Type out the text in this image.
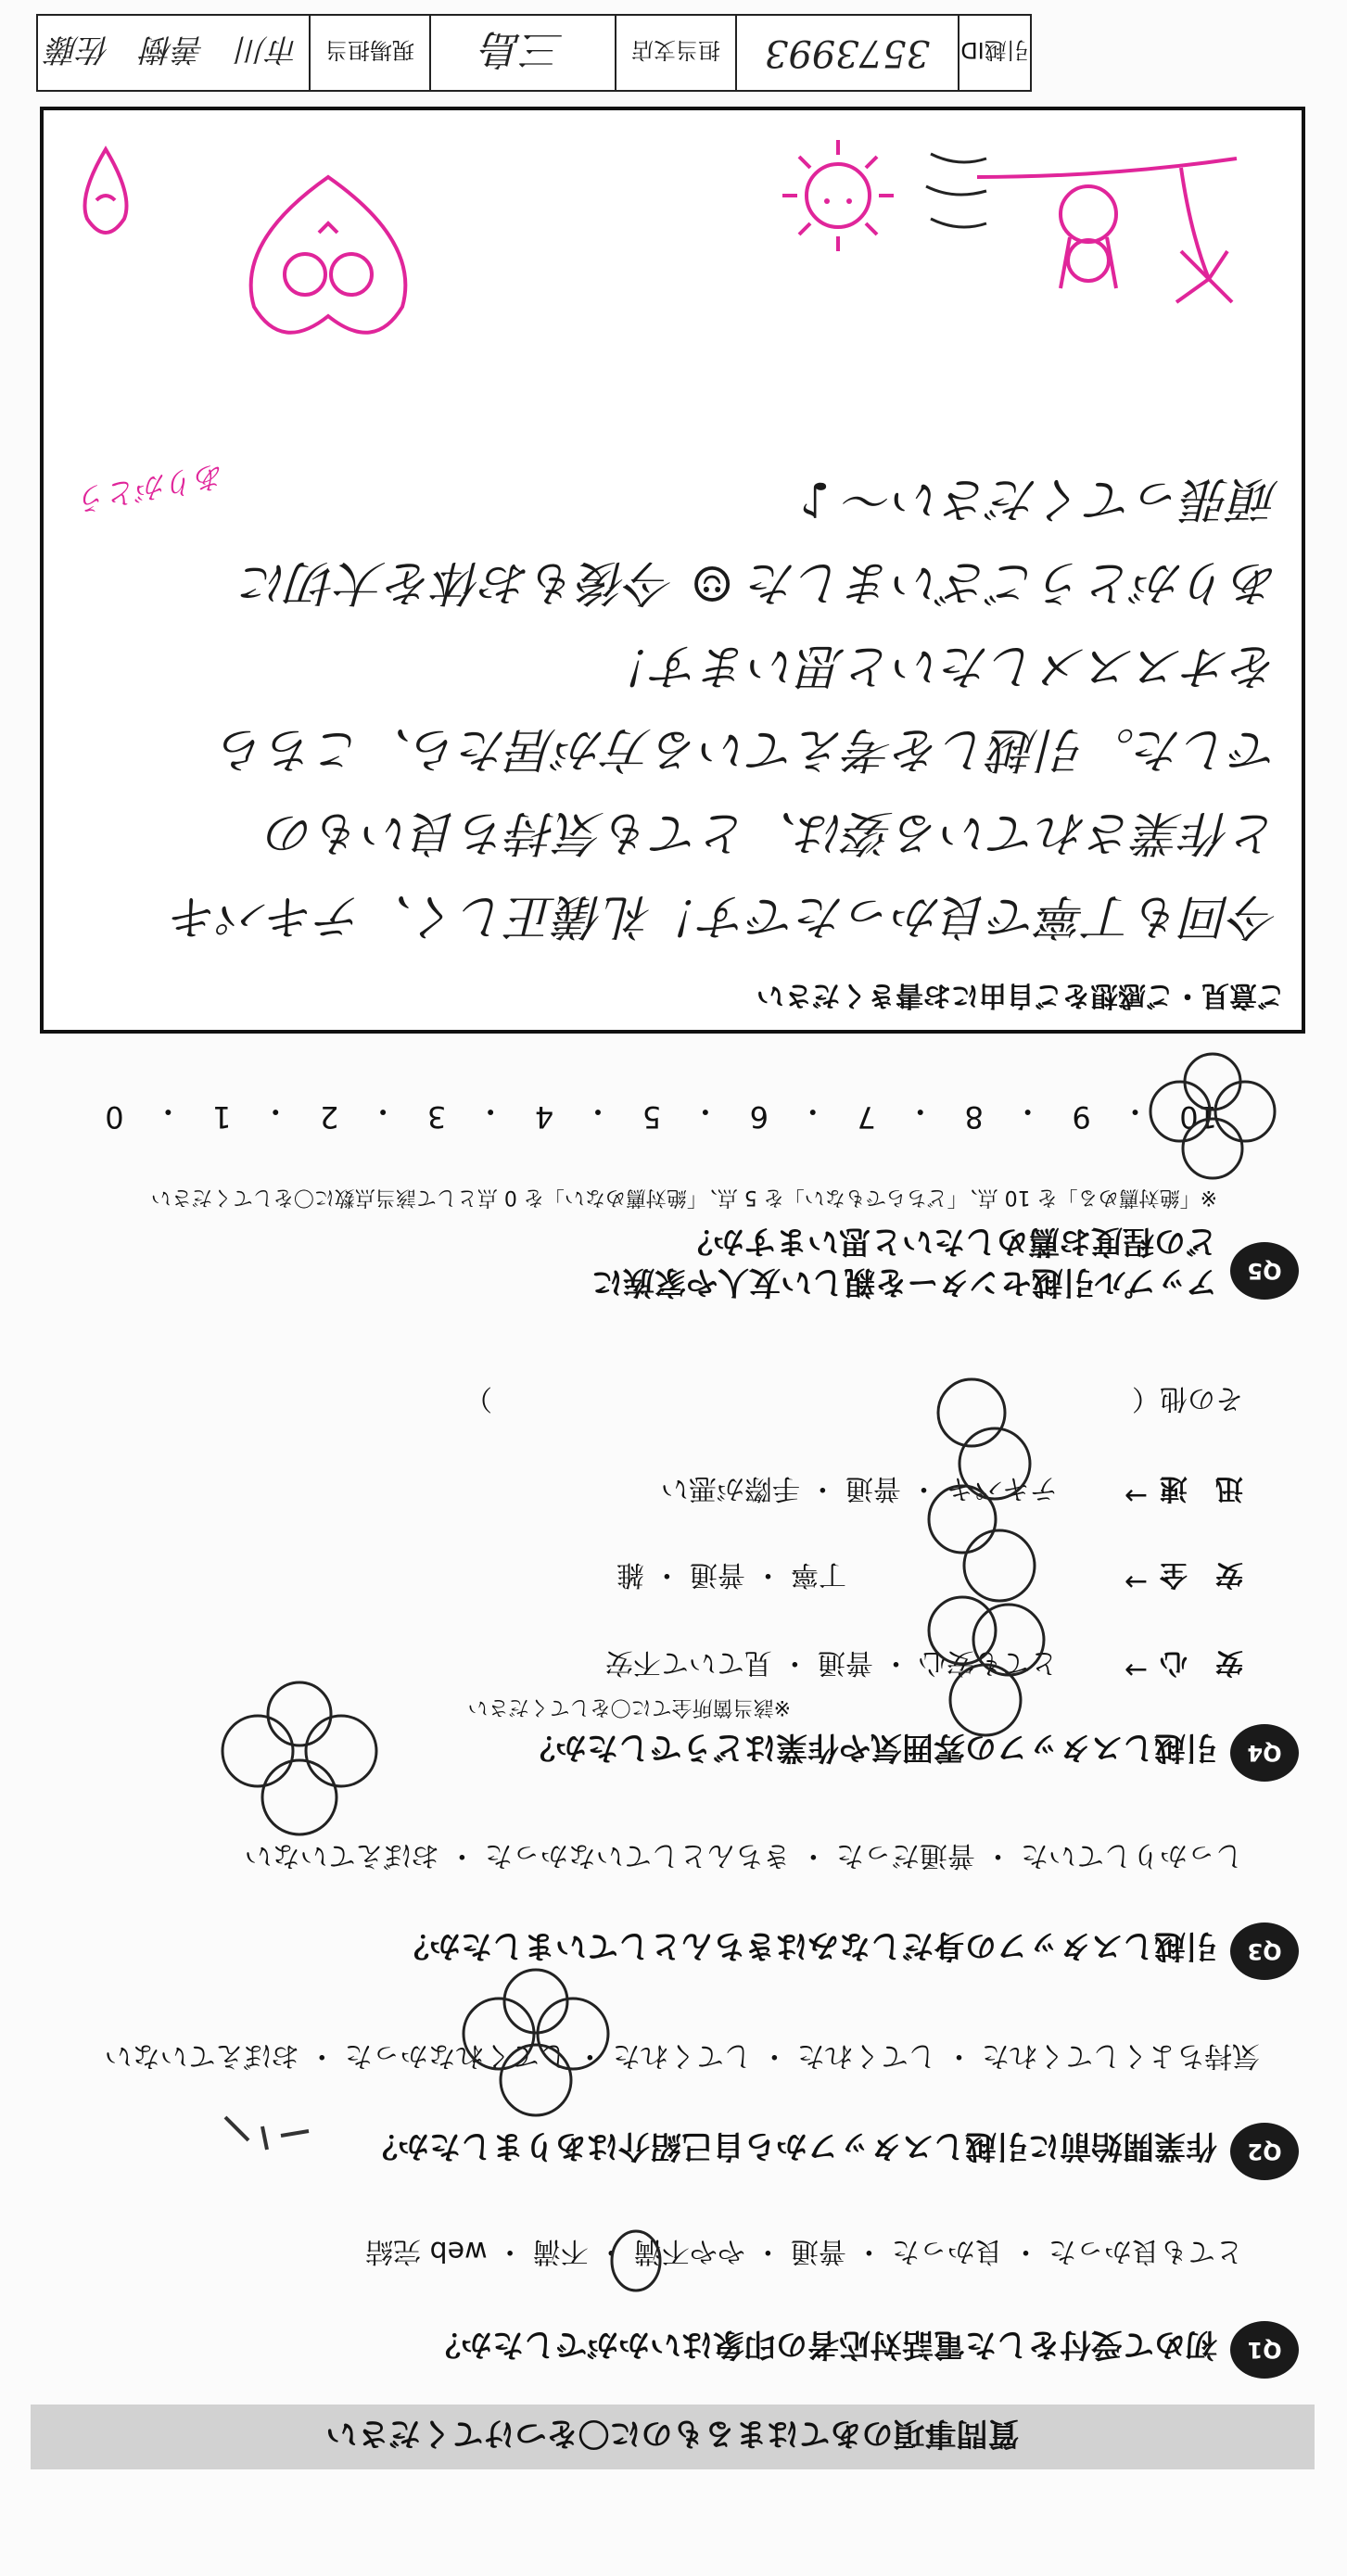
質問事項のあてはまるものに〇をつけてください
Q1
初めて受付をした電話対応者の印象はいかがでしたか？
とても良かった ・ 良かった ・ 普通 ・ やや不満 ・ 不満 ・ web 完結
Q2
作業開始前に引越しスタッフから自己紹介はありましたか？
気持ちよくしてくれた ・ してくれた ・ してくれた ・ してくれなかった ・ おぼえていない
Q3
引越しスタッフの身だしなみはきちんとしていましたか？
しっかりしていた ・ 普通だった ・ きちんとしていなかった ・ おぼえていない
Q4
引越しスタッフの雰囲気や作業はどうでしたか？
※該当箇所全てに〇をしてください
安　心
→
とても安心 ・ 普通 ・ 見ていて不安
安　全
→
丁寧 ・ 普通 ・ 雑
迅　速
→
テキパキ ・ 普通 ・ 手際が悪い
その他（　　　　　　　　　　　　　　　　　　　　　　　）
Q5
アップル引越センターを親しい友人や家族に
どの程度お薦めしたいと思いますか？
※「絶対薦める」を 10 点、「どちらでもない」を 5 点、「絶対薦めない」を 0 点として該当点数に〇をしてください
10
・
9
・
8
・
7
・
6
・
5
・
4
・
3
・
2
・
1
・
0
ご意見・ご感想をご自由にお書きください
今回も丁寧で良かったです！礼儀正しく、テキパキ
と作業されている姿は、とても気持ち良いもの
でした。引越しを考えている方が居たら、こちら
をオススメしたいと思います！
ありがとうございました ☺ 今後もお体を大切に
頑張ってください～ ♪
ありがとう
引越ID
3573993
担当支店
三島
現場担当
市川　善樹　佐藤
